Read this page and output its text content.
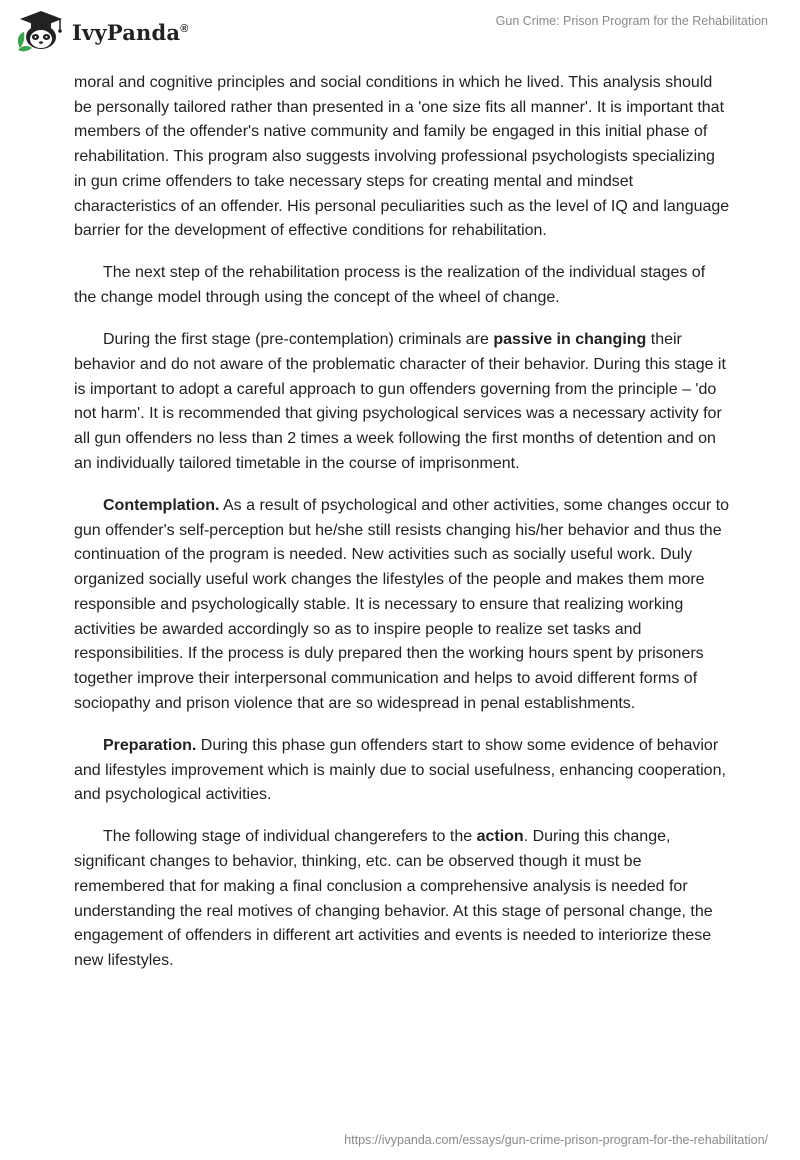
IvyPanda®
Gun Crime: Prison Program for the Rehabilitation

moral and cognitive principles and social conditions in which he lived. This analysis should be personally tailored rather than presented in a 'one size fits all manner'. It is important that members of the offender's native community and family be engaged in this initial phase of rehabilitation. This program also suggests involving professional psychologists specializing in gun crime offenders to take necessary steps for creating mental and mindset characteristics of an offender. His personal peculiarities such as the level of IQ and language barrier for the development of effective conditions for rehabilitation.

The next step of the rehabilitation process is the realization of the individual stages of the change model through using the concept of the wheel of change.

During the first stage (pre-contemplation) criminals are passive in changing their behavior and do not aware of the problematic character of their behavior. During this stage it is important to adopt a careful approach to gun offenders governing from the principle – 'do not harm'. It is recommended that giving psychological services was a necessary activity for all gun offenders no less than 2 times a week following the first months of detention and on an individually tailored timetable in the course of imprisonment.

Contemplation. As a result of psychological and other activities, some changes occur to gun offender's self-perception but he/she still resists changing his/her behavior and thus the continuation of the program is needed. New activities such as socially useful work. Duly organized socially useful work changes the lifestyles of the people and makes them more responsible and psychologically stable. It is necessary to ensure that realizing working activities be awarded accordingly so as to inspire people to realize set tasks and responsibilities. If the process is duly prepared then the working hours spent by prisoners together improve their interpersonal communication and helps to avoid different forms of sociopathy and prison violence that are so widespread in penal establishments.

Preparation. During this phase gun offenders start to show some evidence of behavior and lifestyles improvement which is mainly due to social usefulness, enhancing cooperation, and psychological activities.

The following stage of individual changerefers to the action. During this change, significant changes to behavior, thinking, etc. can be observed though it must be remembered that for making a final conclusion a comprehensive analysis is needed for understanding the real motives of changing behavior. At this stage of personal change, the engagement of offenders in different art activities and events is needed to interiorize these new lifestyles.

https://ivypanda.com/essays/gun-crime-prison-program-for-the-rehabilitation/
